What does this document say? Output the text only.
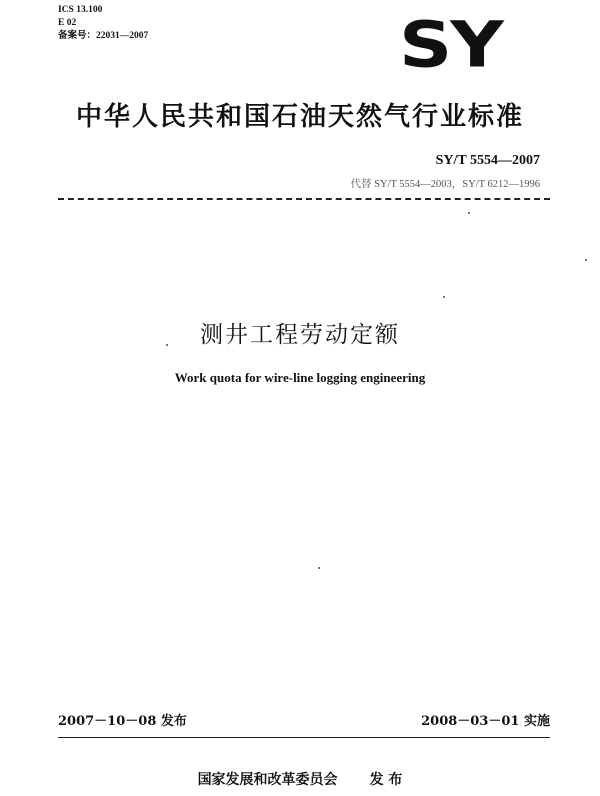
ICS 13.100
E 02
备案号：22031—2007	SY
中华人民共和国石油天然气行业标准
SY/T 5554—2007
代替 SY/T 5554—2003，SY/T 6212—1996
测井工程劳动定额
Work quota for wire-line logging engineering
2007－10－08 发布	2008－03－01 实施
国家发展和改革委员会 发 布
